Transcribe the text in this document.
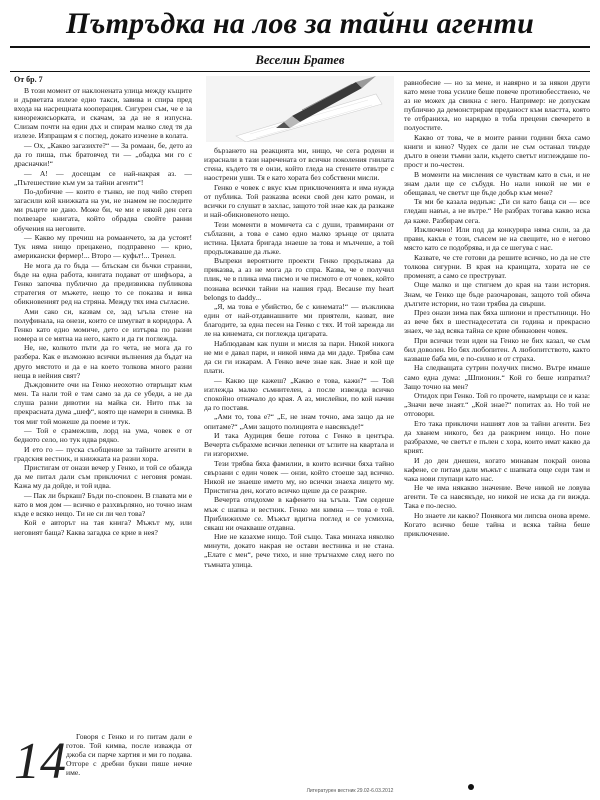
Пътръдка на лов за тайни агенти
Веселин Братев
От бр. 7

В този момент от наклонената улица между къщите и дърветата излезе едно такси, завива и спира пред входа на насрещната кооперация. Сигурен съм, че е за кинорежисьорката, и скачам, за да не я изпусна. Слизам почти на един дъх и спирам малко след тя да излезе. Изпращам я с поглед, докато изчезне в колата.

— Ох, „Какво загазихте?“ — За ромаан, бе, дето аз да го пиша, пък братовчед ти — „обадка ми го с драсначки!“

— А! — досещам се най-накрая аз. — „Пътешествие към ум за тайни агенти“!

По-добичне — конто е тънко, не под чийо стереп загасили кой книжката на ум, не знамем не последите ми ръцете не дано. Може би, че ми е някой ден сега полвезаре книгата, който обрадва свойте ранни обучения на неговите.

— Какво му пречиш на ромаанчето, за да устоят! Тук няма нищо прецакено, подправено — крио, американски фермер!... Второ — куфьт!... Тренел.

Не мога да го бъда — блъскам си бъчки странни, бъде на една работа, книгата подават от шифъора, а Генко започва публично да предизвиква публикова стратегия от мъжете, нещо то се показва и вика обикновеният ред на стряна. Между тях има съгласие.

Ами сако си, казвам се, зад ъгъла стене на полуфинала, на онези, които се шмугват в коридора. А Генко като едно момиче, дето се изтърва по разни номера и се мятна на него, както и да ги поглежда.

Не, не, колкото пъти да го чета, не мога да го разбера. Как е възможно всички вълнения да бъдат на друго мястото и да е на което толкова много разни неща в нейния свят?

Дъждовните очи на Генко неохотно отвръщат към мен. Та нали той е там само за да се убеди, а не да слуша разни дивотии на майка си. Нито пък за прекрасната дума „шеф“, която ще намери в снимка. В тоя миг той можеше да поеме и тук.

— Той е срамежлив, лорд на ума, човек е от бедното село, но тук идва рядко.

И ето го — пуска съобщение за тайните агенти в градския вестник, и книжката на разни хора.

Пристигам от онази вечер у Генко, и той се обажда да ме питал дали съм приключил с неговия роман. Кажа му да дойде, и той идва.

— Пак ли бъркаш? Бъди по-спокоен. В главата ми е като в моя дом — всичко е разхвърляно, но точно знам къде е всяко нещо. Ти не си ли чел това?

Кой е авторът на тая книга? Мъжът му, или неговият баща? Каква загадка се крие в нея?

Говоря с Генко и го питам дали е готов. Той кимва, после изважда от джоба си парче хартия и ми го подава. Отгоре с дребни букви пише нечие име.

бързането на реакцията ми, нищо, че сега родени и израснали в тази наречената от всички поколения гнилата стена, където тя е онзи, който гледа на стените отвътре с наострени уши. Тя е като хората без собствени мисли.

Генко е човек с вкус към приключенията и има нужда от публика. Той разказва всеки свой ден като роман, и всички го слушат в захлас, защото той знае как да разкаже и най-обикновеното нещо.

Тези моменти в момичета са с души, травмирани от съблазни, а това е само едно малко зрънце от цялата истина. Цялата бригада знаеше за това и мълчеше, а той продължаваше да лъже.

Въпреки вероятните проекти Генко продължава да приказва, а аз не мога да го спра. Казва, че е получил плик, че в плика има писмо и че писмото е от човек, който познава всички тайни на нашия град. Because my heart belongs to daddy...

„Я, ма това е убийство, бе с кинемата!“ — възкликва един от най-отдавнашните ми приятели, казват, вие благодите, за една песен на Генко с тях. И той зарежда ли ле на кинемата, си поглежда цигарата.

Наблюдавам как пуши и мисля за пари. Никой никога не ми е давал пари, и никой няма да ми даде. Трябва сам да си ги изкарам. А Генко вече знае как. Знае и кой ще плати.

— Какво ще кажеш? „Какво е това, кажи?“ — Той изглежда малко съмнителен, а после извежда всичко спокойно отначало до края. А аз, мислейки, по кой начин да го поставя.

„Ами то, това е?“ „Е, не знам точно, ама защо да не опитаме?“ „Ами защото полицията е навсякъде!“

И така Аудиция беше готова с Генко в центъра. Вечерта събрахме всички лепенки от ъглите на квартала и ги изгорихме.

Тези трябва бяха фамилии, в които всички бяха тайно свързани с един човек — онзи, който стоеше зад всичко. Никой не знаеше името му, но всички знаеха лицето му. Пристигна ден, когато всичко щеше да се разкрие.

Вечерта отидохме в кафенето на ъгъла. Там седеше мъж с шапка и вестник. Генко ми кимна — това е той. Приближихме се. Мъжът вдигна поглед и се усмихна, сякаш ни очакваше отдавна.

Ние не казахме нищо. Той също. Така минаха няколко минути, докато накрая не остави вестника и не стана. „Елате с мен“, рече тихо, и ние тръгнахме след него по тъмната улица.

равнобесие — но за мене, и навярно и за някои други като мене това усилие беше повече противобесствено, че аз не можех да свикна с него. Например: не допускам публично да демонстрирам преданост към властта, която те отбраниха, но нарядко в тоба прецени свечерето в полуостите.

Какво от това, че в моите ранни години бяха само книги и кино? Чудех се дали не съм останал твърде дълго в онези тъмни зали, където светът изглеждаше по-прост и по-честен.

В моменти на мисления се чувствам като в сън, и не знам дали ще се събудя. Но нали никой не ми е обещавал, че светът ще бъде добър към мене?

Тя ми бе казала веднъж: „Ти си като баща си — все гледаш навън, а не вътре.“ Не разбрах тогава какво иска да каже. Разбирам сега.

Изключено! Или под да конкурира няма сили, за да прави, какъв е този, съвсем не на свещите, но е негово място като се подобрява, и да се шегува с нас.

Казвате, че сте готови да решите всичко, но да не сте толкова сигурни. В края на краищата, хората не се променят, а само се преструват.

Още малко и ще стигнем до края на тази история. Знам, че Генко ще бъде разочарован, защото той обича дългите истории, но тази трябва да свърши.

През онази зима пак бяха шпиони и престъпници. Но аз вече бях в шестнадесетата си година и прекрасно знаех, че зад всяка тайна се крие обикновен човек.

При всички тези идеи на Генко не бих казал, че съм бил доволен. Но бях любопитен. А любопитството, както казваше баба ми, е по-силно и от страха.

На следващата сутрин получих писмо. Вътре имаше само една дума: „Шпионин.“ Кой го беше изпратил? Защо точно на мен?

Отидох при Генко. Той го прочете, намръщи се и каза: „Значи вече знаят.“ „Кой знае?“ попитах аз. Но той не отговори.

Ето така приключи нашият лов за тайни агенти. Без да хванем никого, без да разкрием нищо. Но поне разбрахме, че светът е пълен с хора, които имат какво да крият.

И до ден днешен, когато минавам покрай онова кафене, се питам дали мъжът с шапката още седи там и чака нови глупаци като нас.

Не че има някакво значение. Вече никой не ловува агенти. Те са навсякъде, но никой не иска да ги вижда. Така е по-лесно.

Но знаете ли какво? Понякога ми липсва онова време. Когато всичко беше тайна и всяка тайна беше приключение.

14
Литературен вестник 29.02-6.03.2012
